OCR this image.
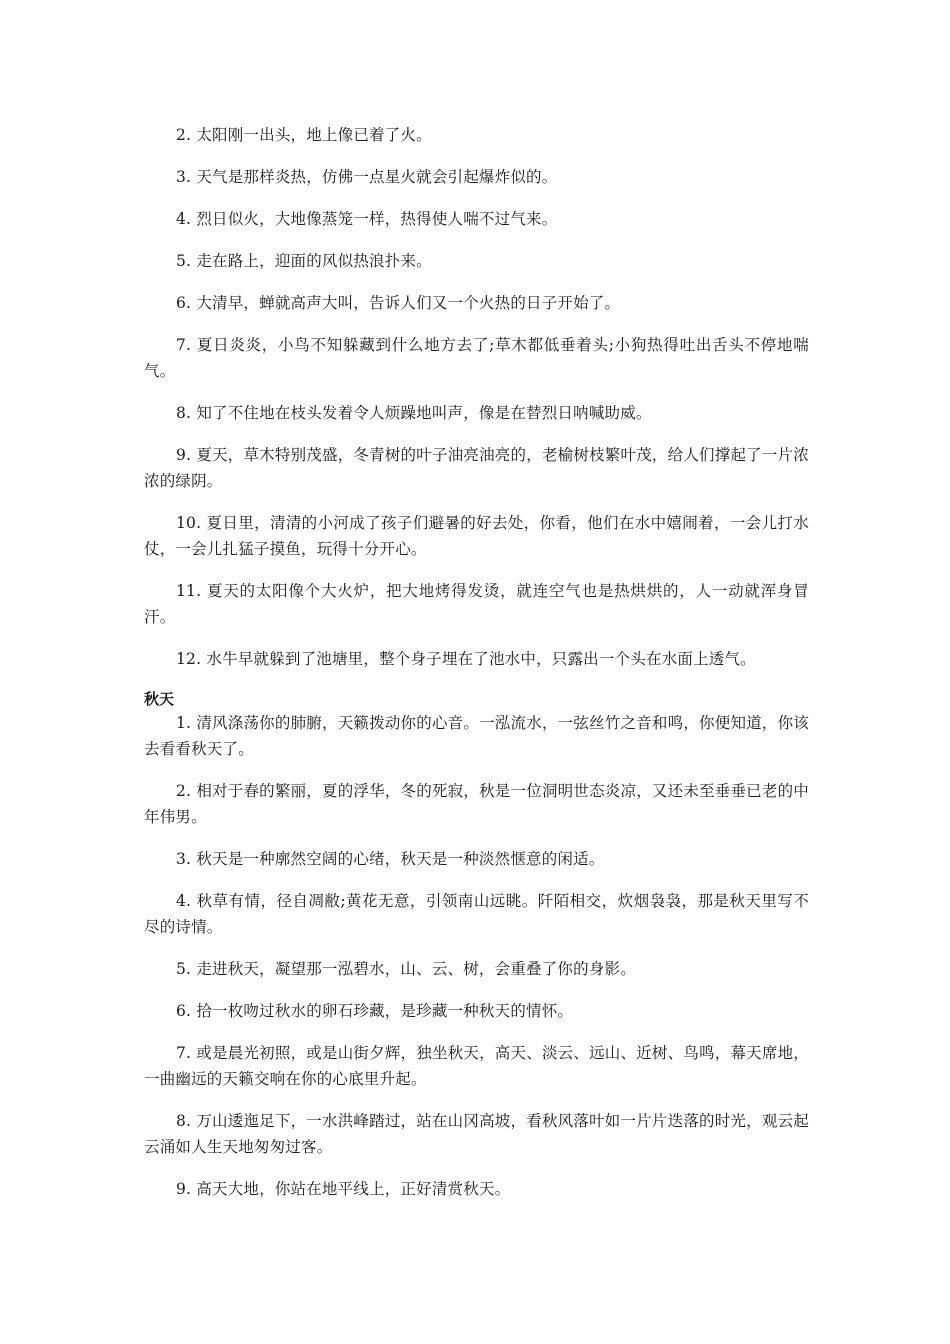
2. 太阳刚一出头，地上像已着了火。

3. 天气是那样炎热，仿佛一点星火就会引起爆炸似的。

4. 烈日似火，大地像蒸笼一样，热得使人喘不过气来。

5. 走在路上，迎面的风似热浪扑来。

6. 大清早，蝉就高声大叫，告诉人们又一个火热的日子开始了。

7. 夏日炎炎，小鸟不知躲藏到什么地方去了;草木都低垂着头;小狗热得吐出舌头不停地喘气。

8. 知了不住地在枝头发着令人烦躁地叫声，像是在替烈日呐喊助威。

9. 夏天，草木特别茂盛，冬青树的叶子油亮油亮的，老榆树枝繁叶茂，给人们撑起了一片浓浓的绿阴。

10. 夏日里，清清的小河成了孩子们避暑的好去处，你看，他们在水中嬉闹着，一会儿打水仗，一会儿扎猛子摸鱼，玩得十分开心。

11. 夏天的太阳像个大火炉，把大地烤得发烫，就连空气也是热烘烘的，人一动就浑身冒汗。

12. 水牛早就躲到了池塘里，整个身子埋在了池水中，只露出一个头在水面上透气。

秋天

1. 清风涤荡你的肺腑，天籁拨动你的心音。一泓流水，一弦丝竹之音和鸣，你便知道，你该去看看秋天了。

2. 相对于春的繁丽，夏的浮华，冬的死寂，秋是一位洞明世态炎凉，又还未至垂垂已老的中年伟男。

3. 秋天是一种廓然空阔的心绪，秋天是一种淡然惬意的闲适。

4. 秋草有情，径自凋敝;黄花无意，引领南山远眺。阡陌相交，炊烟袅袅，那是秋天里写不尽的诗情。

5. 走进秋天，凝望那一泓碧水，山、云、树，会重叠了你的身影。

6. 拾一枚吻过秋水的卵石珍藏，是珍藏一种秋天的情怀。

7. 或是晨光初照，或是山街夕辉，独坐秋天，高天、淡云、远山、近树、鸟鸣，幕天席地，一曲幽远的天籁交响在你的心底里升起。

8. 万山逶迤足下，一水洪峰踏过，站在山冈高坡，看秋风落叶如一片片迭落的时光，观云起云涌如人生天地匆匆过客。

9. 高天大地，你站在地平线上，正好清赏秋天。
